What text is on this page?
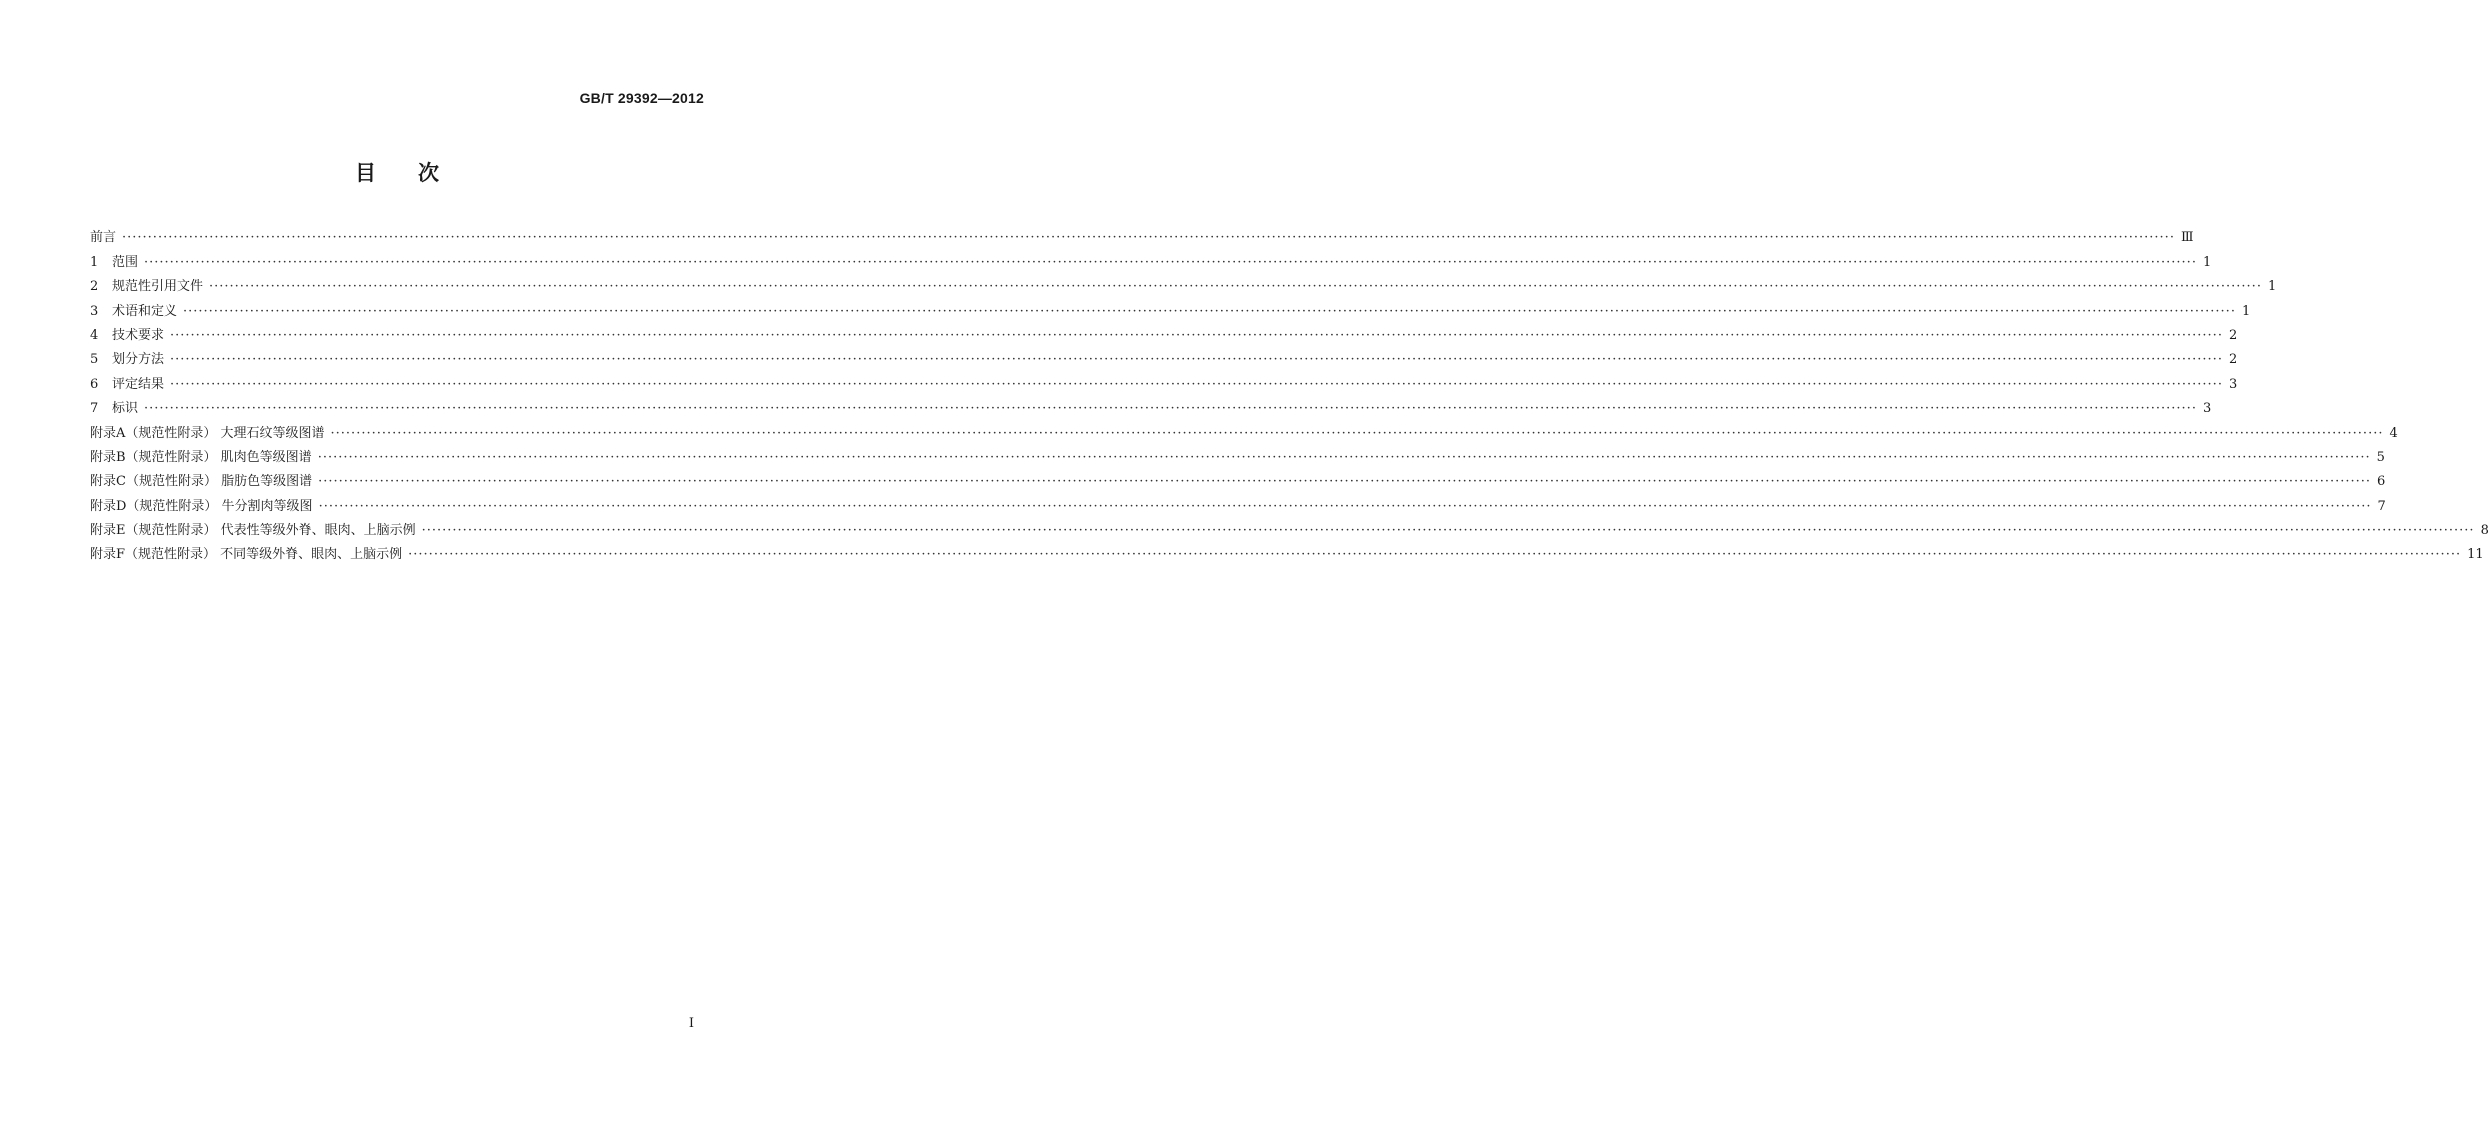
GB/T 29392—2012
目次
前言 ················································································································································································································································································································································································································ Ⅲ
1 范围 ················································································································································································································································································································································································································ 1
2 规范性引用文件 ················································································································································································································································································································································································································ 1
3 术语和定义 ················································································································································································································································································································································································································ 1
4 技术要求 ················································································································································································································································································································································································································ 2
5 划分方法 ················································································································································································································································································································································································································ 2
6 评定结果 ················································································································································································································································································································································································································ 3
7 标识 ················································································································································································································································································································································································································ 3
附录A（规范性附录） 大理石纹等级图谱 ················································································································································································································································································································································································································ 4
附录B（规范性附录） 肌肉色等级图谱 ················································································································································································································································································································································································································ 5
附录C（规范性附录） 脂肪色等级图谱 ················································································································································································································································································································································································································ 6
附录D（规范性附录） 牛分割肉等级图 ················································································································································································································································································································································································································ 7
附录E（规范性附录） 代表性等级外脊、眼肉、上脑示例 ················································································································································································································································································································································································································ 8
附录F（规范性附录） 不同等级外脊、眼肉、上脑示例 ················································································································································································································································································································································································································ 11
I
